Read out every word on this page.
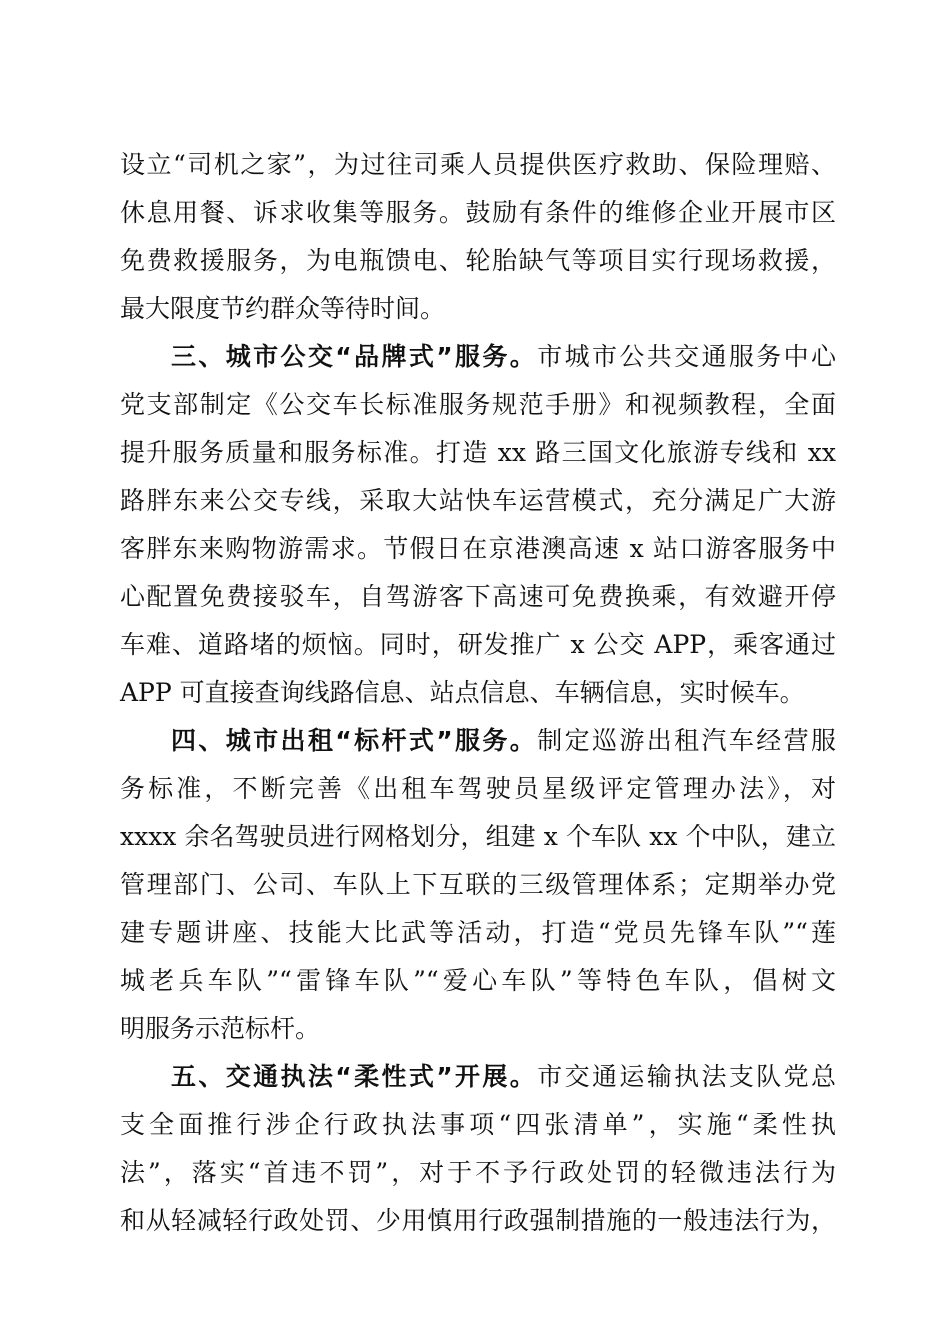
设立“司机之家”，为过往司乘人员提供医疗救助、保险理赔、
休息用餐、诉求收集等服务。鼓励有条件的维修企业开展市区
免费救援服务，为电瓶馈电、轮胎缺气等项目实行现场救援，
最大限度节约群众等待时间。
三、城市公交“品牌式”服务。市城市公共交通服务中心
党支部制定《公交车长标准服务规范手册》和视频教程，全面
提升服务质量和服务标准。打造 xx 路三国文化旅游专线和 xx
路胖东来公交专线，采取大站快车运营模式，充分满足广大游
客胖东来购物游需求。节假日在京港澳高速 x 站口游客服务中
心配置免费接驳车，自驾游客下高速可免费换乘，有效避开停
车难、道路堵的烦恼。同时，研发推广 x 公交 APP，乘客通过
APP 可直接查询线路信息、站点信息、车辆信息，实时候车。
四、城市出租“标杆式”服务。制定巡游出租汽车经营服
务标准，不断完善《出租车驾驶员星级评定管理办法》，对
xxxx 余名驾驶员进行网格划分，组建 x 个车队 xx 个中队，建立
管理部门、公司、车队上下互联的三级管理体系；定期举办党
建专题讲座、技能大比武等活动，打造“党员先锋车队”“莲
城老兵车队”“雷锋车队”“爱心车队”等特色车队，倡树文
明服务示范标杆。
五、交通执法“柔性式”开展。市交通运输执法支队党总
支全面推行涉企行政执法事项“四张清单”，实施“柔性执
法”，落实“首违不罚”，对于不予行政处罚的轻微违法行为
和从轻减轻行政处罚、少用慎用行政强制措施的一般违法行为，
